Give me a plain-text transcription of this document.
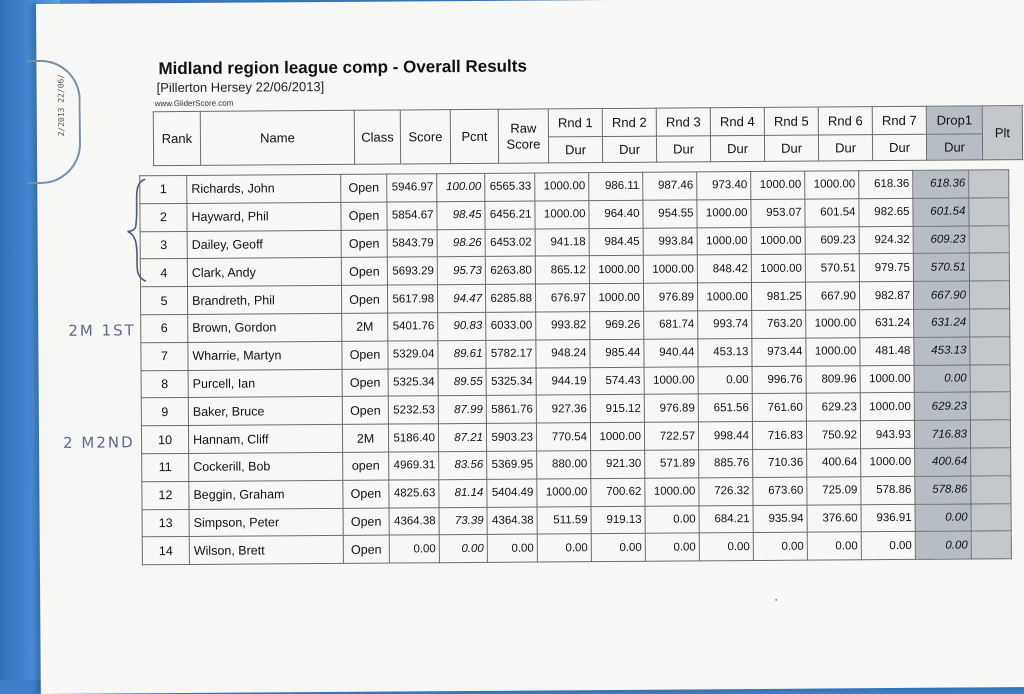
2/2013 22/06/
Midland region league comp - Overall Results
[Pillerton Hersey 22/06/2013]
www.GliderScore.com
Rank	Name	Class	Score	Pcnt	Raw Score	Rnd 1	Rnd 2	Rnd 3	Rnd 4	Rnd 5	Rnd 6	Rnd 7	Drop1	Plt
						Dur	Dur	Dur	Dur	Dur	Dur	Dur	Dur	
1	Richards, John	Open	5946.97	100.00	6565.33	1000.00	986.11	987.46	973.40	1000.00	1000.00	618.36	618.36	
2	Hayward, Phil	Open	5854.67	98.45	6456.21	1000.00	964.40	954.55	1000.00	953.07	601.54	982.65	601.54	
3	Dailey, Geoff	Open	5843.79	98.26	6453.02	941.18	984.45	993.84	1000.00	1000.00	609.23	924.32	609.23	
4	Clark, Andy	Open	5693.29	95.73	6263.80	865.12	1000.00	1000.00	848.42	1000.00	570.51	979.75	570.51	
5	Brandreth, Phil	Open	5617.98	94.47	6285.88	676.97	1000.00	976.89	1000.00	981.25	667.90	982.87	667.90	
6	Brown, Gordon	2M	5401.76	90.83	6033.00	993.82	969.26	681.74	993.74	763.20	1000.00	631.24	631.24	
7	Wharrie, Martyn	Open	5329.04	89.61	5782.17	948.24	985.44	940.44	453.13	973.44	1000.00	481.48	453.13	
8	Purcell, Ian	Open	5325.34	89.55	5325.34	944.19	574.43	1000.00	0.00	996.76	809.96	1000.00	0.00	
9	Baker, Bruce	Open	5232.53	87.99	5861.76	927.36	915.12	976.89	651.56	761.60	629.23	1000.00	629.23	
10	Hannam, Cliff	2M	5186.40	87.21	5903.23	770.54	1000.00	722.57	998.44	716.83	750.92	943.93	716.83	
11	Cockerill, Bob	open	4969.31	83.56	5369.95	880.00	921.30	571.89	885.76	710.36	400.64	1000.00	400.64	
12	Beggin, Graham	Open	4825.63	81.14	5404.49	1000.00	700.62	1000.00	726.32	673.60	725.09	578.86	578.86	
13	Simpson, Peter	Open	4364.38	73.39	4364.38	511.59	919.13	0.00	684.21	935.94	376.60	936.91	0.00	
14	Wilson, Brett	Open	0.00	0.00	0.00	0.00	0.00	0.00	0.00	0.00	0.00	0.00	0.00	
2M 1ST
2 M2ND
